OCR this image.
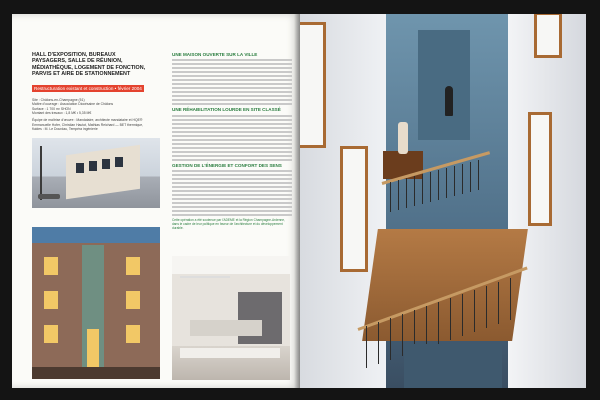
HALL D'EXPOSITION, BUREAUX PAYSAGERS, SALLE DE RÉUNION, MÉDIATHÈQUE, LOGEMENT DE FONCTION, PARVIS ET AIRE DE STATIONNEMENT
Restructuration existant et construction • février 2004
Site : Châlons-en-Champagne (51)
Maître d'ouvrage : Association Diocésaine de Châlons
Surface : 1 700 m² SHON
Montant des travaux : 1,8 M€ • 5,35 M€
Équipe de maîtrise d'œuvre : Mandataire, architecte mandataire et HQE® Emmanuelle Hofer, Christian Hautot, Mathias Reichard — BET thermique, fluides : M. Le Dourdau, Tempéra ingénierie
UNE MAISON OUVERTE SUR LA VILLE
UNE RÉHABILITATION LOURDE EN SITE CLASSÉ
GESTION DE L'ÉNERGIE ET CONFORT DES SENS
Cette opération a été soutenue par l'ADEME et la Région Champagne-Ardenne, dans le cadre de leur politique en faveur de l'architecture et du développement durable.
